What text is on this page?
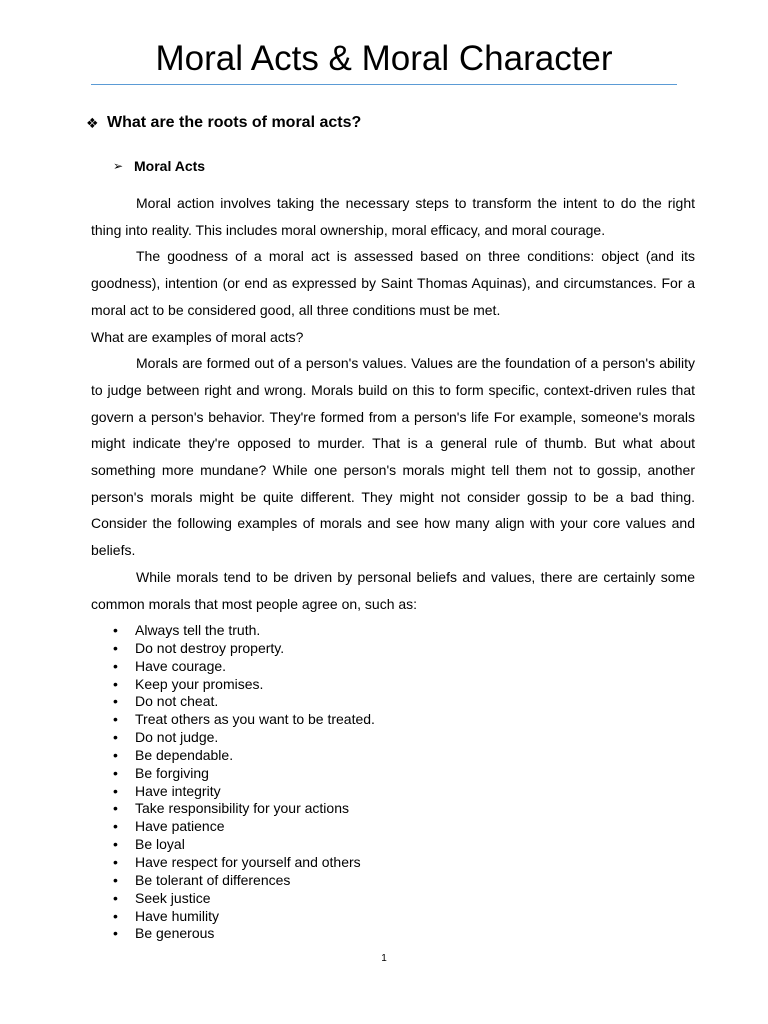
Moral Acts & Moral Character
❖ What are the roots of moral acts?
➢ Moral Acts

Moral action involves taking the necessary steps to transform the intent to do the right thing into reality. This includes moral ownership, moral efficacy, and moral courage.

The goodness of a moral act is assessed based on three conditions: object (and its goodness), intention (or end as expressed by Saint Thomas Aquinas), and circumstances. For a moral act to be considered good, all three conditions must be met.

What are examples of moral acts?

Morals are formed out of a person's values. Values are the foundation of a person's ability to judge between right and wrong. Morals build on this to form specific, context-driven rules that govern a person's behavior. They're formed from a person's life For example, someone's morals might indicate they're opposed to murder. That is a general rule of thumb. But what about something more mundane? While one person's morals might tell them not to gossip, another person's morals might be quite different. They might not consider gossip to be a bad thing. Consider the following examples of morals and see how many align with your core values and beliefs.

While morals tend to be driven by personal beliefs and values, there are certainly some common morals that most people agree on, such as:

• Always tell the truth.
• Do not destroy property.
• Have courage.
• Keep your promises.
• Do not cheat.
• Treat others as you want to be treated.
• Do not judge.
• Be dependable.
• Be forgiving
• Have integrity
• Take responsibility for your actions
• Have patience
• Be loyal
• Have respect for yourself and others
• Be tolerant of differences
• Seek justice
• Have humility
• Be generous
1
